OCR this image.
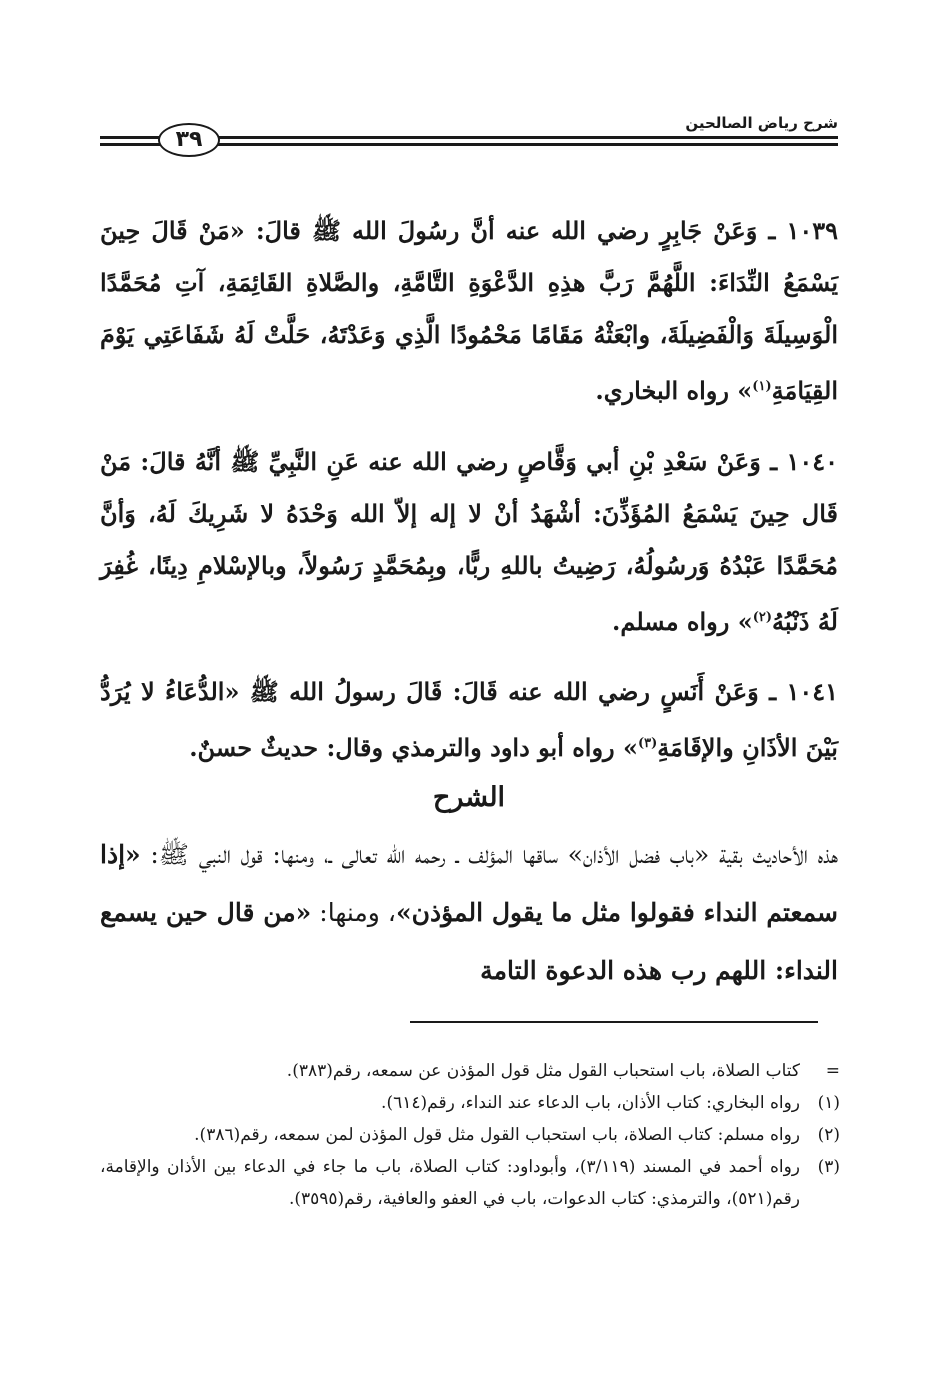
شرح رياض الصالحين
٣٩

١٠٣٩ ـ وَعَنْ جَابِرٍ رضي الله عنه أنَّ رسُولَ الله ﷺ قالَ: «مَنْ قَالَ حِينَ يَسْمَعُ النِّدَاءَ: اللَّهُمَّ رَبَّ هذِهِ الدَّعْوَةِ التَّامَّةِ، والصَّلاةِ القَائِمَةِ، آتِ مُحَمَّدًا الْوَسِيلَةَ وَالْفَضِيلَةَ، وابْعَثْهُ مَقَامًا مَحْمُودًا الَّذِي وَعَدْتَهُ، حَلَّتْ لَهُ شَفَاعَتِي يَوْمَ القِيَامَةِ$^{(١)}$» رواه البخاري.

١٠٤٠ ـ وَعَنْ سَعْدِ بْنِ أبي وَقَّاصٍ رضي الله عنه عَنِ النَّبِيِّ ﷺ أنَّهُ قالَ: مَنْ قَال حِينَ يَسْمَعُ المُؤَذِّنَ: أشْهَدُ أنْ لا إله إلاّ الله وَحْدَهُ لا شَرِيكَ لَهُ، وَأنَّ مُحَمَّدًا عَبْدُهُ وَرسُولُهُ، رَضِيتُ باللهِ ربًّا، وبِمُحَمَّدٍ رَسُولاً، وبالإسْلامِ دِينًا، غُفِرَ لَهُ ذَنْبُهُ$^{(٢)}$» رواه مسلم.

١٠٤١ ـ وَعَنْ أَنَسٍ رضي الله عنه قَالَ: قَالَ رسولُ الله ﷺ «الدُّعَاءُ لا يُرَدُّ بَيْنَ الأذَانِ والإقَامَةِ$^{(٣)}$» رواه أبو داود والترمذي وقال: حديثٌ حسنٌ.

الشرح
هذه الأحاديث بقية «باب فضل الأذان» ساقها المؤلف ـ رحمه الله تعالى ـ، ومنها: قول النبي ﷺ: «إذا سمعتم النداء فقولوا مثل ما يقول المؤذن»، ومنها: «من قال حين يسمع النداء: اللهم رب هذه الدعوة التامة
=
كتاب الصلاة، باب استحباب القول مثل قول المؤذن عن سمعه، رقم(٣٨٣).
(١)
رواه البخاري: كتاب الأذان، باب الدعاء عند النداء، رقم(٦١٤).
(٢)
رواه مسلم: كتاب الصلاة، باب استحباب القول مثل قول المؤذن لمن سمعه، رقم(٣٨٦).
(٣)
رواه أحمد في المسند (٣/١١٩)، وأبوداود: كتاب الصلاة، باب ما جاء في الدعاء بين الأذان والإقامة، رقم(٥٢١)، والترمذي: كتاب الدعوات، باب في العفو والعافية، رقم(٣٥٩٥).
